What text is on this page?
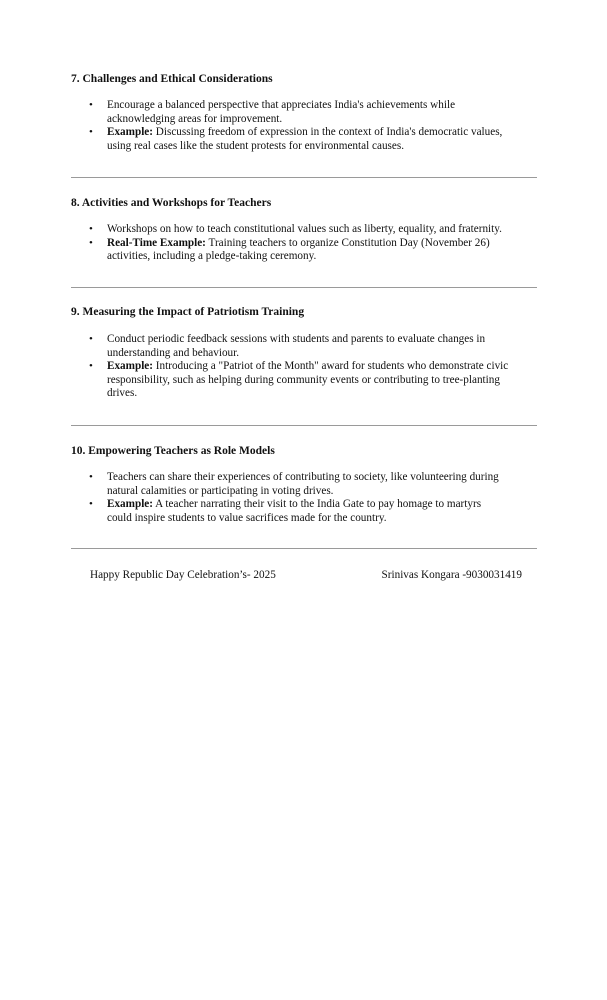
7. Challenges and Ethical Considerations

• Encourage a balanced perspective that appreciates India's achievements while
acknowledging areas for improvement.
• Example: Discussing freedom of expression in the context of India's democratic values,
using real cases like the student protests for environmental causes.

8. Activities and Workshops for Teachers

• Workshops on how to teach constitutional values such as liberty, equality, and fraternity.
• Real-Time Example: Training teachers to organize Constitution Day (November 26)
activities, including a pledge-taking ceremony.

9. Measuring the Impact of Patriotism Training

• Conduct periodic feedback sessions with students and parents to evaluate changes in
understanding and behaviour.
• Example: Introducing a "Patriot of the Month" award for students who demonstrate civic
responsibility, such as helping during community events or contributing to tree-planting
drives.

10. Empowering Teachers as Role Models

• Teachers can share their experiences of contributing to society, like volunteering during
natural calamities or participating in voting drives.
• Example: A teacher narrating their visit to the India Gate to pay homage to martyrs
could inspire students to value sacrifices made for the country.
Happy Republic Day Celebration’s- 2025	Srinivas Kongara -9030031419
